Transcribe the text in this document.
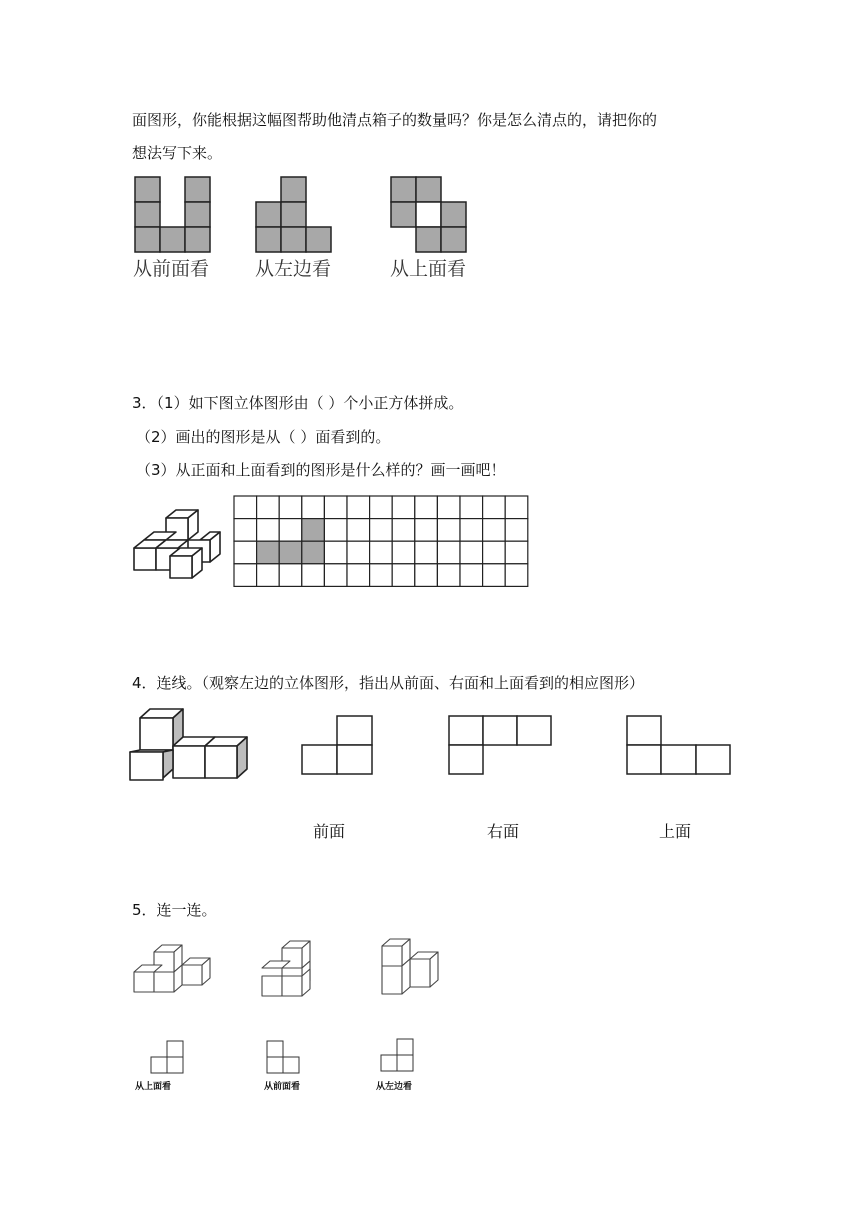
面图形，你能根据这幅图帮助他清点箱子的数量吗？你是怎么清点的，请把你的
想法写下来。
从前面看 从左边看	从上面看
3．（1）如下图立体图形由（ ）个小正方体拼成。
（2）画出的图形是从（ ）面看到的。
（3）从正面和上面看到的图形是什么样的？画一画吧！
4．连线。（观察左边的立体图形，指出从前面、右面和上面看到的相应图形）
前面	右面	上面
5．连一连。
从上面看	从前面看	从左边看
